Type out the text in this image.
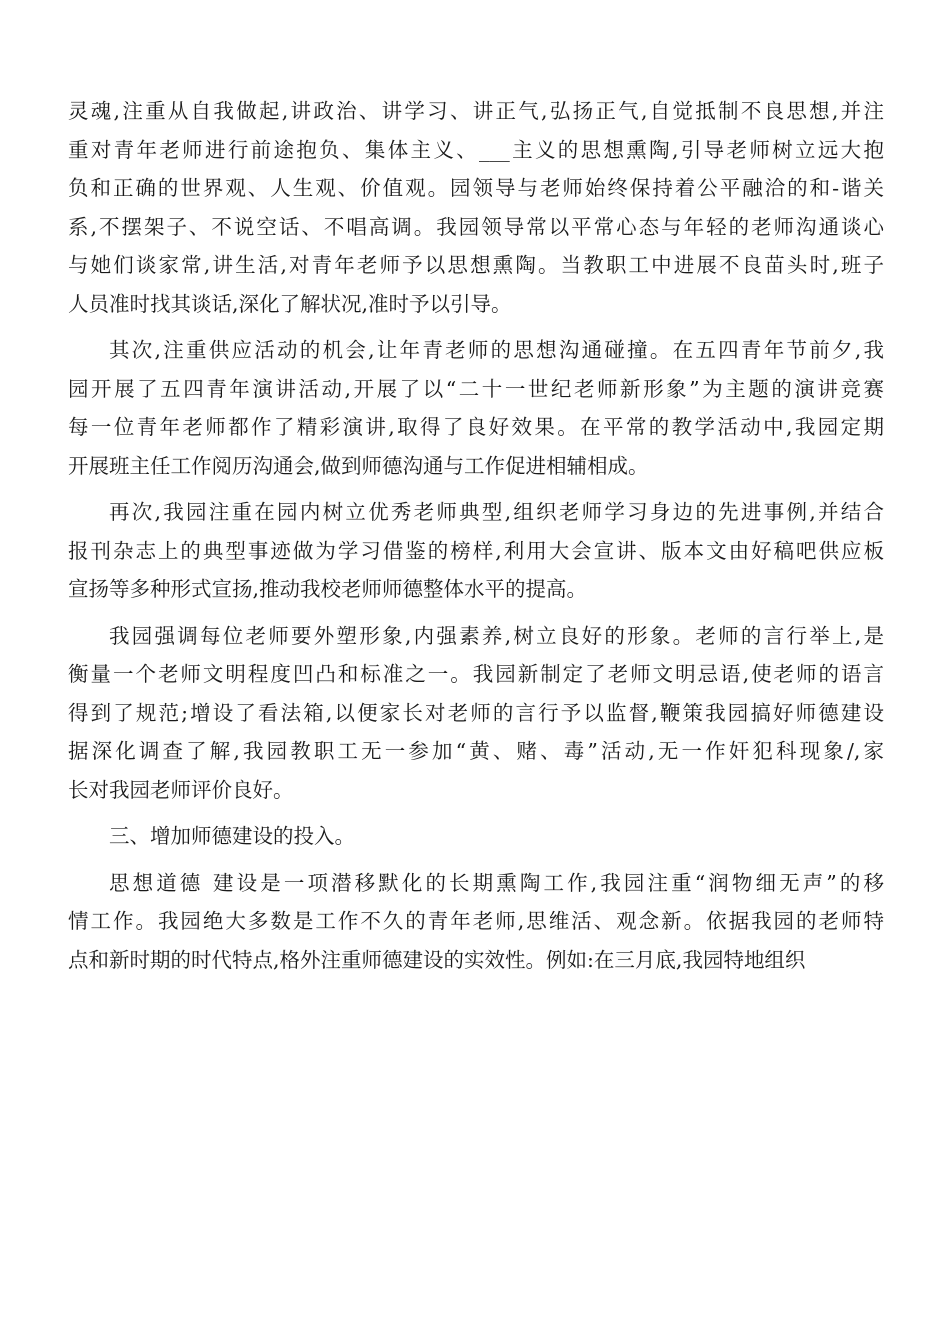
灵魂,注重从自我做起,讲政治、讲学习、讲正气,弘扬正气,自觉抵制不良思想,并注
重对青年老师进行前途抱负、集体主义、___主义的思想熏陶,引导老师树立远大抱
负和正确的世界观、人生观、价值观。园领导与老师始终保持着公平融洽的和-谐关
系,不摆架子、不说空话、不唱高调。我园领导常以平常心态与年轻的老师沟通谈心
与她们谈家常,讲生活,对青年老师予以思想熏陶。当教职工中进展不良苗头时,班子
人员准时找其谈话,深化了解状况,准时予以引导。
其次,注重供应活动的机会,让年青老师的思想沟通碰撞。在五四青年节前夕,我
园开展了五四青年演讲活动,开展了以“二十一世纪老师新形象”为主题的演讲竞赛
每一位青年老师都作了精彩演讲,取得了良好效果。在平常的教学活动中,我园定期
开展班主任工作阅历沟通会,做到师德沟通与工作促进相辅相成。
再次,我园注重在园内树立优秀老师典型,组织老师学习身边的先进事例,并结合
报刊杂志上的典型事迹做为学习借鉴的榜样,利用大会宣讲、版本文由好稿吧供应板
宣扬等多种形式宣扬,推动我校老师师德整体水平的提高。
我园强调每位老师要外塑形象,内强素养,树立良好的形象。老师的言行举上,是
衡量一个老师文明程度凹凸和标准之一。我园新制定了老师文明忌语,使老师的语言
得到了规范;增设了看法箱,以便家长对老师的言行予以监督,鞭策我园搞好师德建设
据深化调查了解,我园教职工无一参加“黄、赌、毒”活动,无一作奸犯科现象/,家
长对我园老师评价良好。
三、增加师德建设的投入。
思想道德 建设是一项潜移默化的长期熏陶工作,我园注重“润物细无声”的移
情工作。我园绝大多数是工作不久的青年老师,思维活、观念新。依据我园的老师特
点和新时期的时代特点,格外注重师德建设的实效性。例如:在三月底,我园特地组织
